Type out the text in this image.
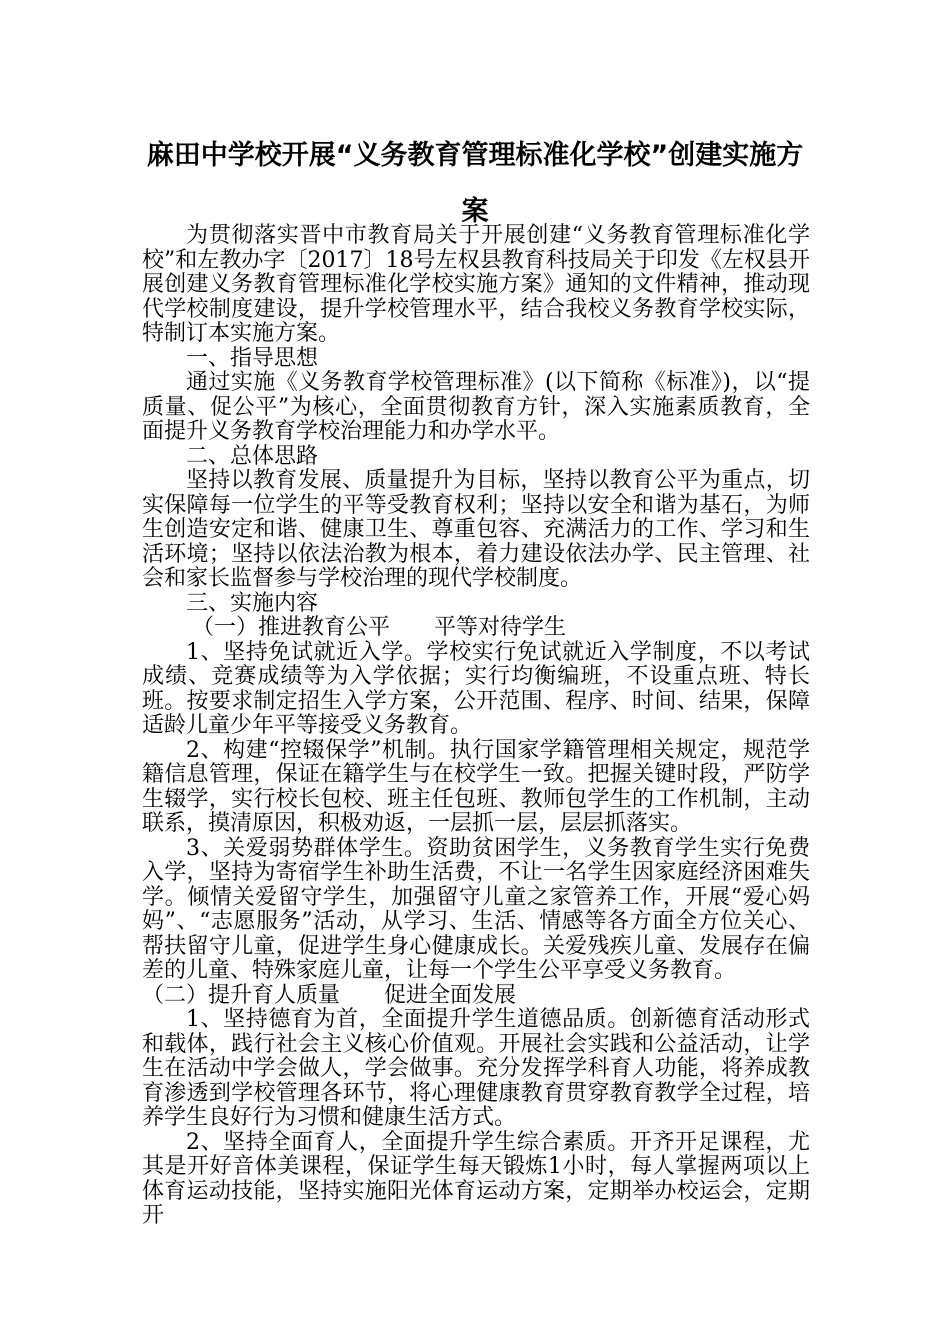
麻田中学校开展“义务教育管理标准化学校”创建实施方案

为贯彻落实晋中市教育局关于开展创建“义务教育管理标准化学校”和左教办字〔2017〕18号左权县教育科技局关于印发《左权县开展创建义务教育管理标准化学校实施方案》通知的文件精神，推动现代学校制度建设，提升学校管理水平，结合我校义务教育学校实际，特制订本实施方案。

一、指导思想

通过实施《义务教育学校管理标准》(以下简称《标准》)，以“提质量、促公平”为核心，全面贯彻教育方针，深入实施素质教育，全面提升义务教育学校治理能力和办学水平。

二、总体思路

坚持以教育发展、质量提升为目标，坚持以教育公平为重点，切实保障每一位学生的平等受教育权利；坚持以安全和谐为基石，为师生创造安定和谐、健康卫生、尊重包容、充满活力的工作、学习和生活环境；坚持以依法治教为根本，着力建设依法办学、民主管理、社会和家长监督参与学校治理的现代学校制度。

三、实施内容

（一）推进教育公平　　平等对待学生

1、坚持免试就近入学。学校实行免试就近入学制度，不以考试成绩、竞赛成绩等为入学依据；实行均衡编班，不设重点班、特长班。按要求制定招生入学方案，公开范围、程序、时间、结果，保障适龄儿童少年平等接受义务教育。

2、构建“控辍保学”机制。执行国家学籍管理相关规定，规范学籍信息管理，保证在籍学生与在校学生一致。把握关键时段，严防学生辍学，实行校长包校、班主任包班、教师包学生的工作机制，主动联系，摸清原因，积极劝返，一层抓一层，层层抓落实。

3、关爱弱势群体学生。资助贫困学生，义务教育学生实行免费入学，坚持为寄宿学生补助生活费，不让一名学生因家庭经济困难失学。倾情关爱留守学生，加强留守儿童之家管养工作，开展“爱心妈妈”、“志愿服务”活动，从学习、生活、情感等各方面全方位关心、帮扶留守儿童，促进学生身心健康成长。关爱残疾儿童、发展存在偏差的儿童、特殊家庭儿童，让每一个学生公平享受义务教育。

（二）提升育人质量　　促进全面发展

1、坚持德育为首，全面提升学生道德品质。创新德育活动形式和载体，践行社会主义核心价值观。开展社会实践和公益活动，让学生在活动中学会做人，学会做事。充分发挥学科育人功能，将养成教育渗透到学校管理各环节，将心理健康教育贯穿教育教学全过程，培养学生良好行为习惯和健康生活方式。

2、坚持全面育人，全面提升学生综合素质。开齐开足课程，尤其是开好音体美课程，保证学生每天锻炼1小时，每人掌握两项以上体育运动技能，坚持实施阳光体育运动方案，定期举办校运会，定期开
